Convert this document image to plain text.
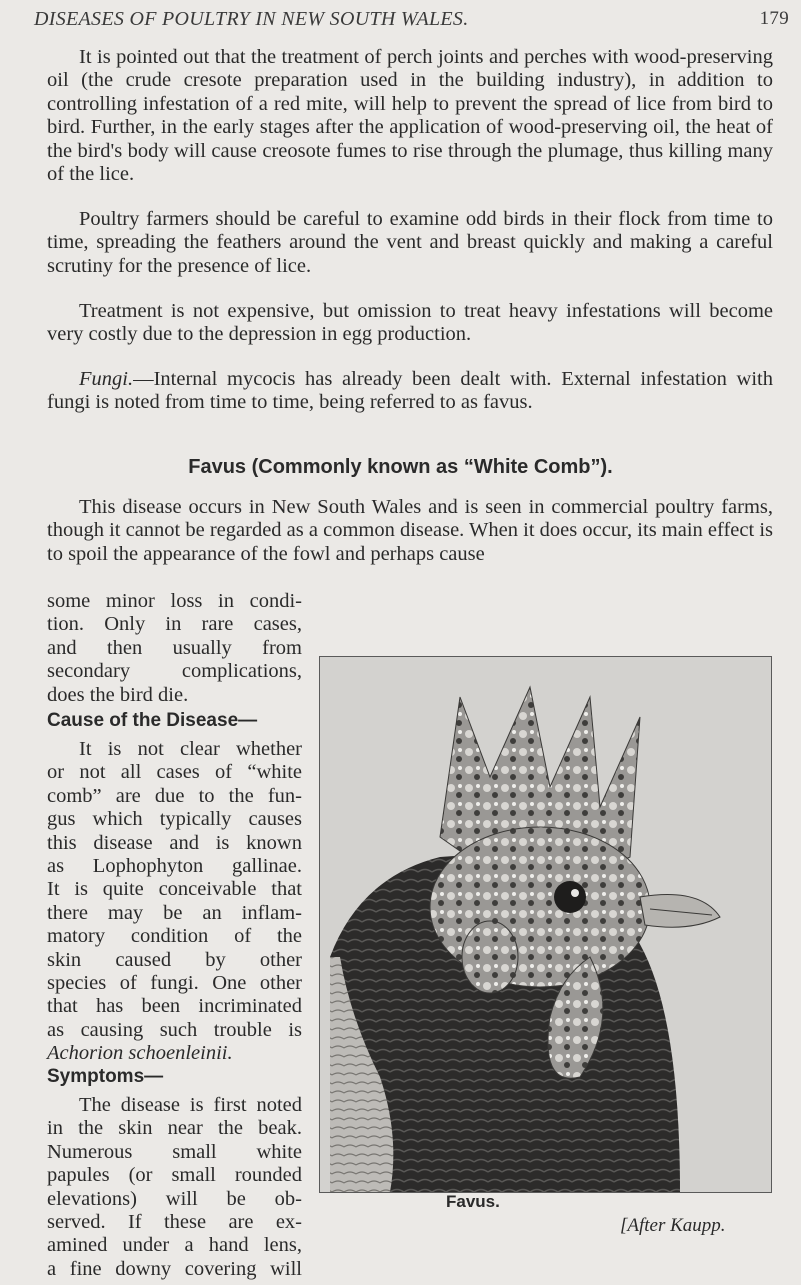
DISEASES OF POULTRY IN NEW SOUTH WALES.	179

It is pointed out that the treatment of perch joints and perches with wood-preserving oil (the crude cresote preparation used in the building industry), in addition to controlling infestation of a red mite, will help to prevent the spread of lice from bird to bird. Further, in the early stages after the application of wood-preserving oil, the heat of the bird's body will cause creosote fumes to rise through the plumage, thus killing many of the lice.

Poultry farmers should be careful to examine odd birds in their flock from time to time, spreading the feathers around the vent and breast quickly and making a careful scrutiny for the presence of lice.

Treatment is not expensive, but omission to treat heavy infestations will become very costly due to the depression in egg production.

Fungi.—Internal mycocis has already been dealt with. External infestation with fungi is noted from time to time, being referred to as favus.

Favus (Commonly known as “White Comb”).

This disease occurs in New South Wales and is seen in commercial poultry farms, though it cannot be regarded as a common disease. When it does occur, its main effect is to spoil the appearance of the fowl and perhaps cause

some minor loss in condi-
tion. Only in rare cases,
and then usually from
secondary complications,
does the bird die.
Cause of the Disease—
It is not clear whether
or not all cases of “white
comb” are due to the fun-
gus which typically causes
this disease and is known
as Lophophyton gallinae.
It is quite conceivable that
there may be an inflam-
matory condition of the
skin caused by other
species of fungi. One other
that has been incriminated
as causing such trouble is
Achorion schoenleinii.
Symptoms—
The disease is first noted
in the skin near the beak.
Numerous small white
papules (or small rounded
elevations) will be ob-
served. If these are ex-
amined under a hand lens,
a fine downy covering will
Favus.
[After Kaupp.
